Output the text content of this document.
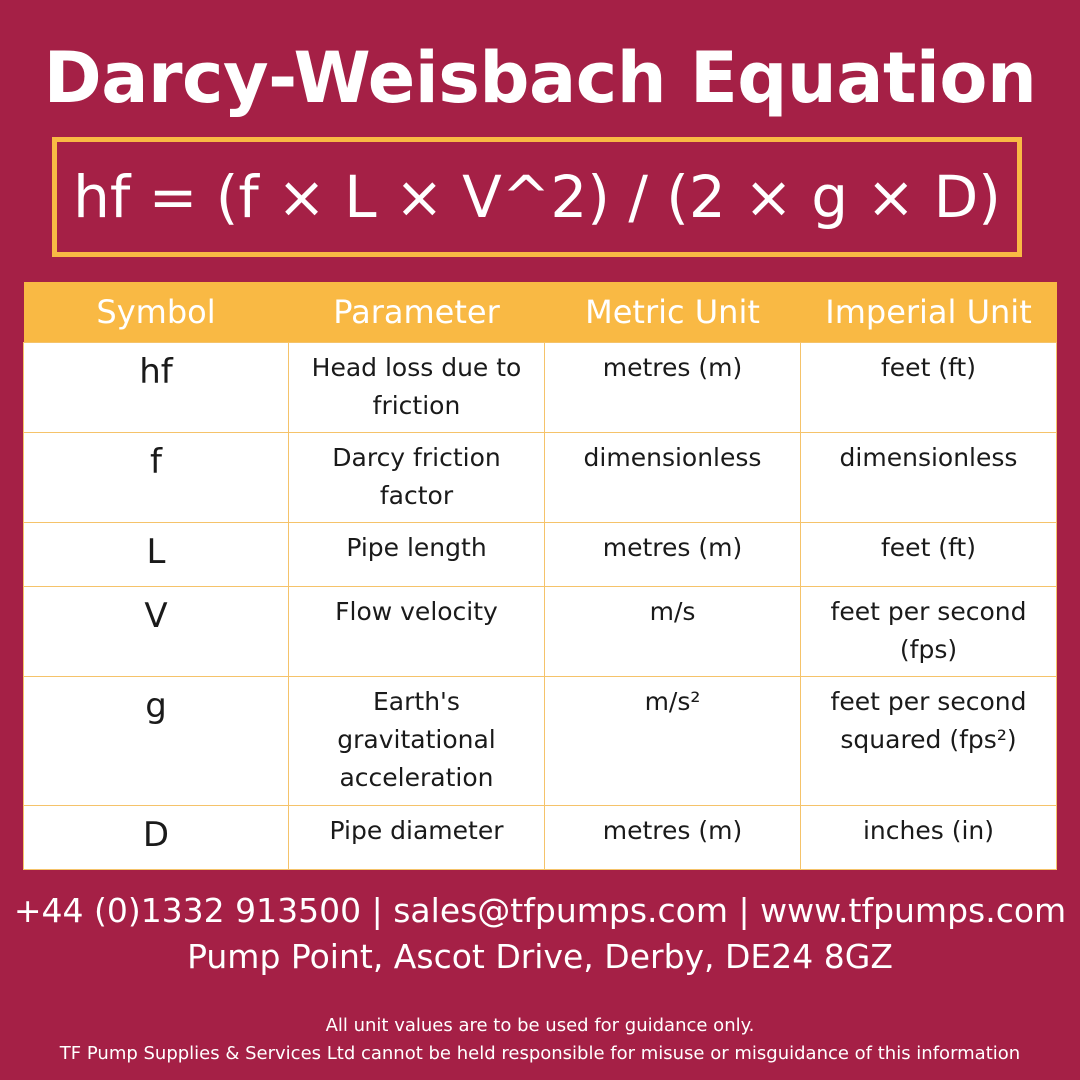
Darcy-Weisbach Equation
hf = (f × L × V^2) / (2 × g × D)
Symbol	Parameter	Metric Unit	Imperial Unit
hf	Head loss due to friction	metres (m)	feet (ft)
f	Darcy friction factor	dimensionless	dimensionless
L	Pipe length	metres (m)	feet (ft)
V	Flow velocity	m/s	feet per second (fps)
g	Earth's gravitational acceleration	m/s²	feet per second squared (fps²)
D	Pipe diameter	metres (m)	inches (in)
+44 (0)1332 913500 | sales@tfpumps.com | www.tfpumps.com
Pump Point, Ascot Drive, Derby, DE24 8GZ
All unit values are to be used for guidance only.
TF Pump Supplies & Services Ltd cannot be held responsible for misuse or misguidance of this information
